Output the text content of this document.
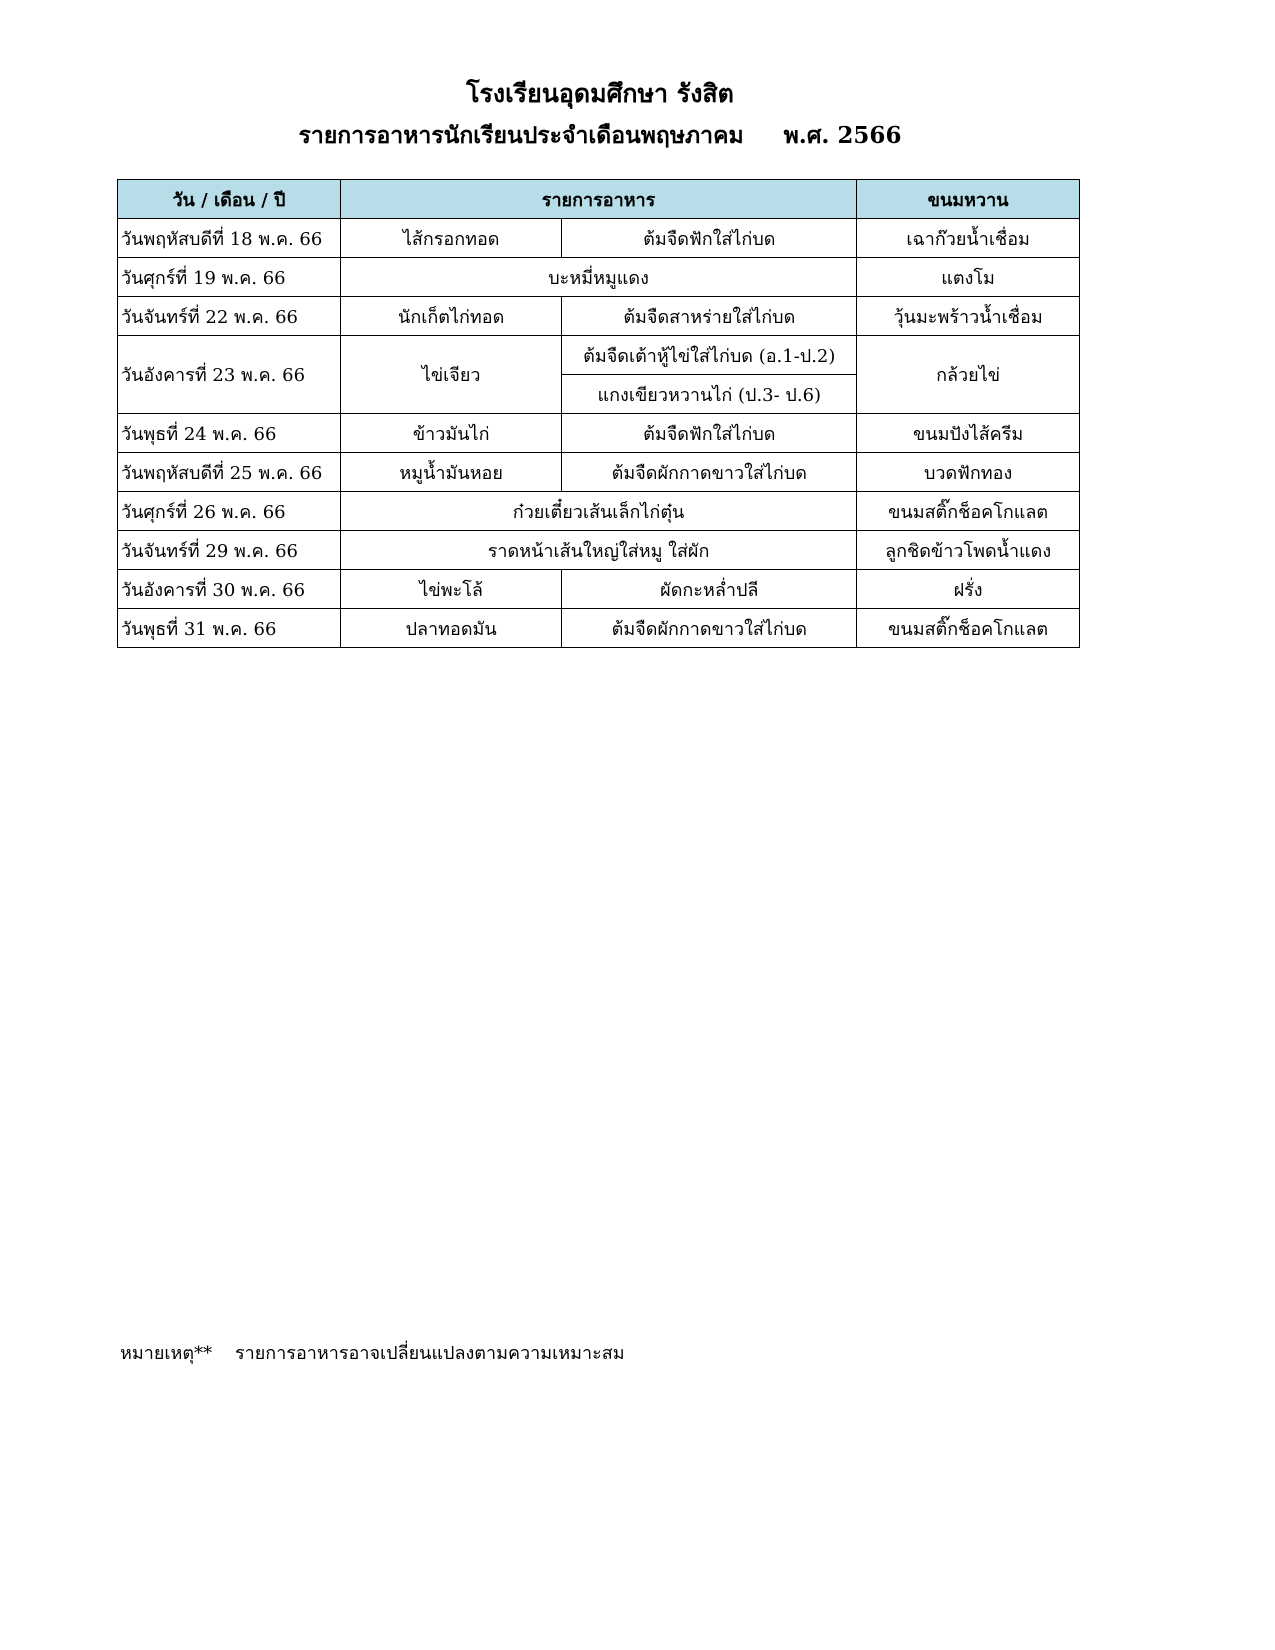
โรงเรียนอุดมศึกษา รังสิต
รายการอาหารนักเรียนประจำเดือนพฤษภาคม     พ.ศ. 2566
วัน / เดือน / ปี	รายการอาหาร		ขนมหวาน
วันพฤหัสบดีที่ 18 พ.ค. 66	ไส้กรอกทอด	ต้มจืดฟักใส่ไก่บด	เฉาก๊วยน้ำเชื่อม
วันศุกร์ที่ 19 พ.ค. 66	บะหมี่หมูแดง		แตงโม
วันจันทร์ที่ 22 พ.ค. 66	นักเก็ตไก่ทอด	ต้มจืดสาหร่ายใส่ไก่บด	วุ้นมะพร้าวน้ำเชื่อม
วันอังคารที่ 23 พ.ค. 66	ไข่เจียว	ต้มจืดเต้าหู้ไข่ใส่ไก่บด (อ.1-ป.2)	กล้วยไข่
		แกงเขียวหวานไก่ (ป.3- ป.6)	
วันพุธที่ 24 พ.ค. 66	ข้าวมันไก่	ต้มจืดฟักใส่ไก่บด	ขนมปังไส้ครีม
วันพฤหัสบดีที่ 25 พ.ค. 66	หมูน้ำมันหอย	ต้มจืดผักกาดขาวใส่ไก่บด	บวดฟักทอง
วันศุกร์ที่ 26 พ.ค. 66	ก๋วยเตี๋ยวเส้นเล็กไก่ตุ๋น		ขนมสติ๊กช็อคโกแลต
วันจันทร์ที่ 29 พ.ค. 66	ราดหน้าเส้นใหญ่ใส่หมู ใส่ผัก		ลูกชิดข้าวโพดน้ำแดง
วันอังคารที่ 30 พ.ค. 66	ไข่พะโล้	ผัดกะหล่ำปลี	ฝรั่ง
วันพุธที่ 31 พ.ค. 66	ปลาทอดมัน	ต้มจืดผักกาดขาวใส่ไก่บด	ขนมสติ๊กช็อคโกแลต
หมายเหตุ**    รายการอาหารอาจเปลี่ยนแปลงตามความเหมาะสม
